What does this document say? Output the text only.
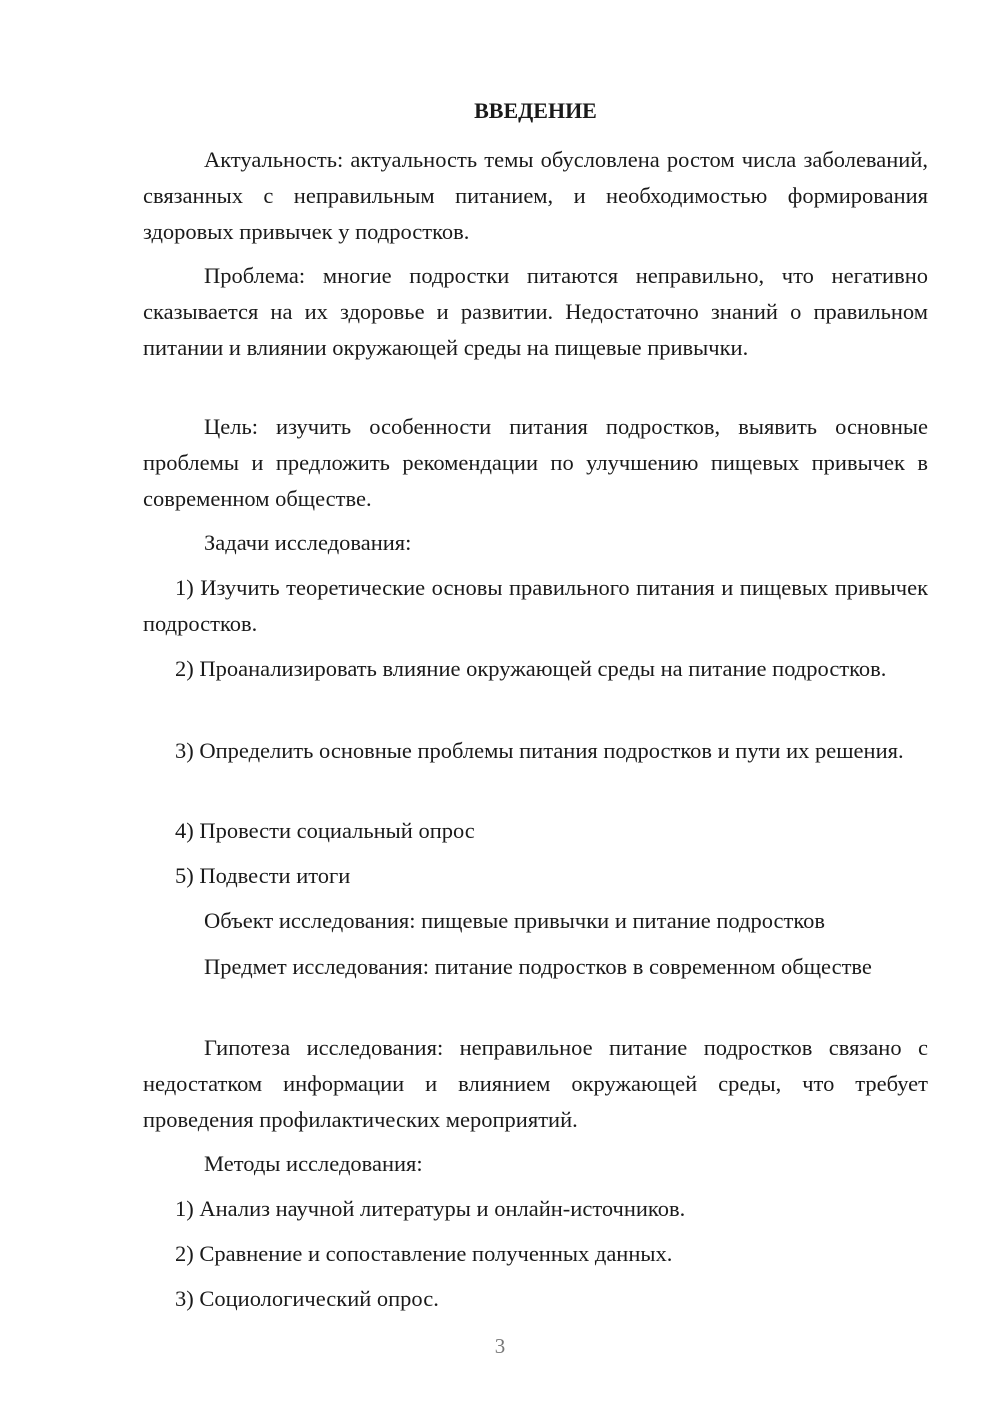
ВВЕДЕНИЕ

Актуальность: актуальность темы обусловлена ростом числа заболеваний, связанных с неправильным питанием, и необходимостью формирования здоровых привычек у подростков.

Проблема: многие подростки питаются неправильно, что негативно сказывается на их здоровье и развитии. Недостаточно знаний о правильном питании и влиянии окружающей среды на пищевые привычки.

Цель: изучить особенности питания подростков, выявить основные проблемы и предложить рекомендации по улучшению пищевых привычек в современном обществе.

Задачи исследования:

1) Изучить теоретические основы правильного питания и пищевых привычек подростков.

2) Проанализировать влияние окружающей среды на питание подростков.

3) Определить основные проблемы питания подростков и пути их решения.

4) Провести социальный опрос

5) Подвести итоги

Объект исследования: пищевые привычки и питание подростков

Предмет исследования: питание подростков в современном обществе

Гипотеза исследования: неправильное питание подростков связано с недостатком информации и влиянием окружающей среды, что требует проведения профилактических мероприятий.

Методы исследования:

1) Анализ научной литературы и онлайн-источников.

2) Сравнение и сопоставление полученных данных.

3) Социологический опрос.

3
